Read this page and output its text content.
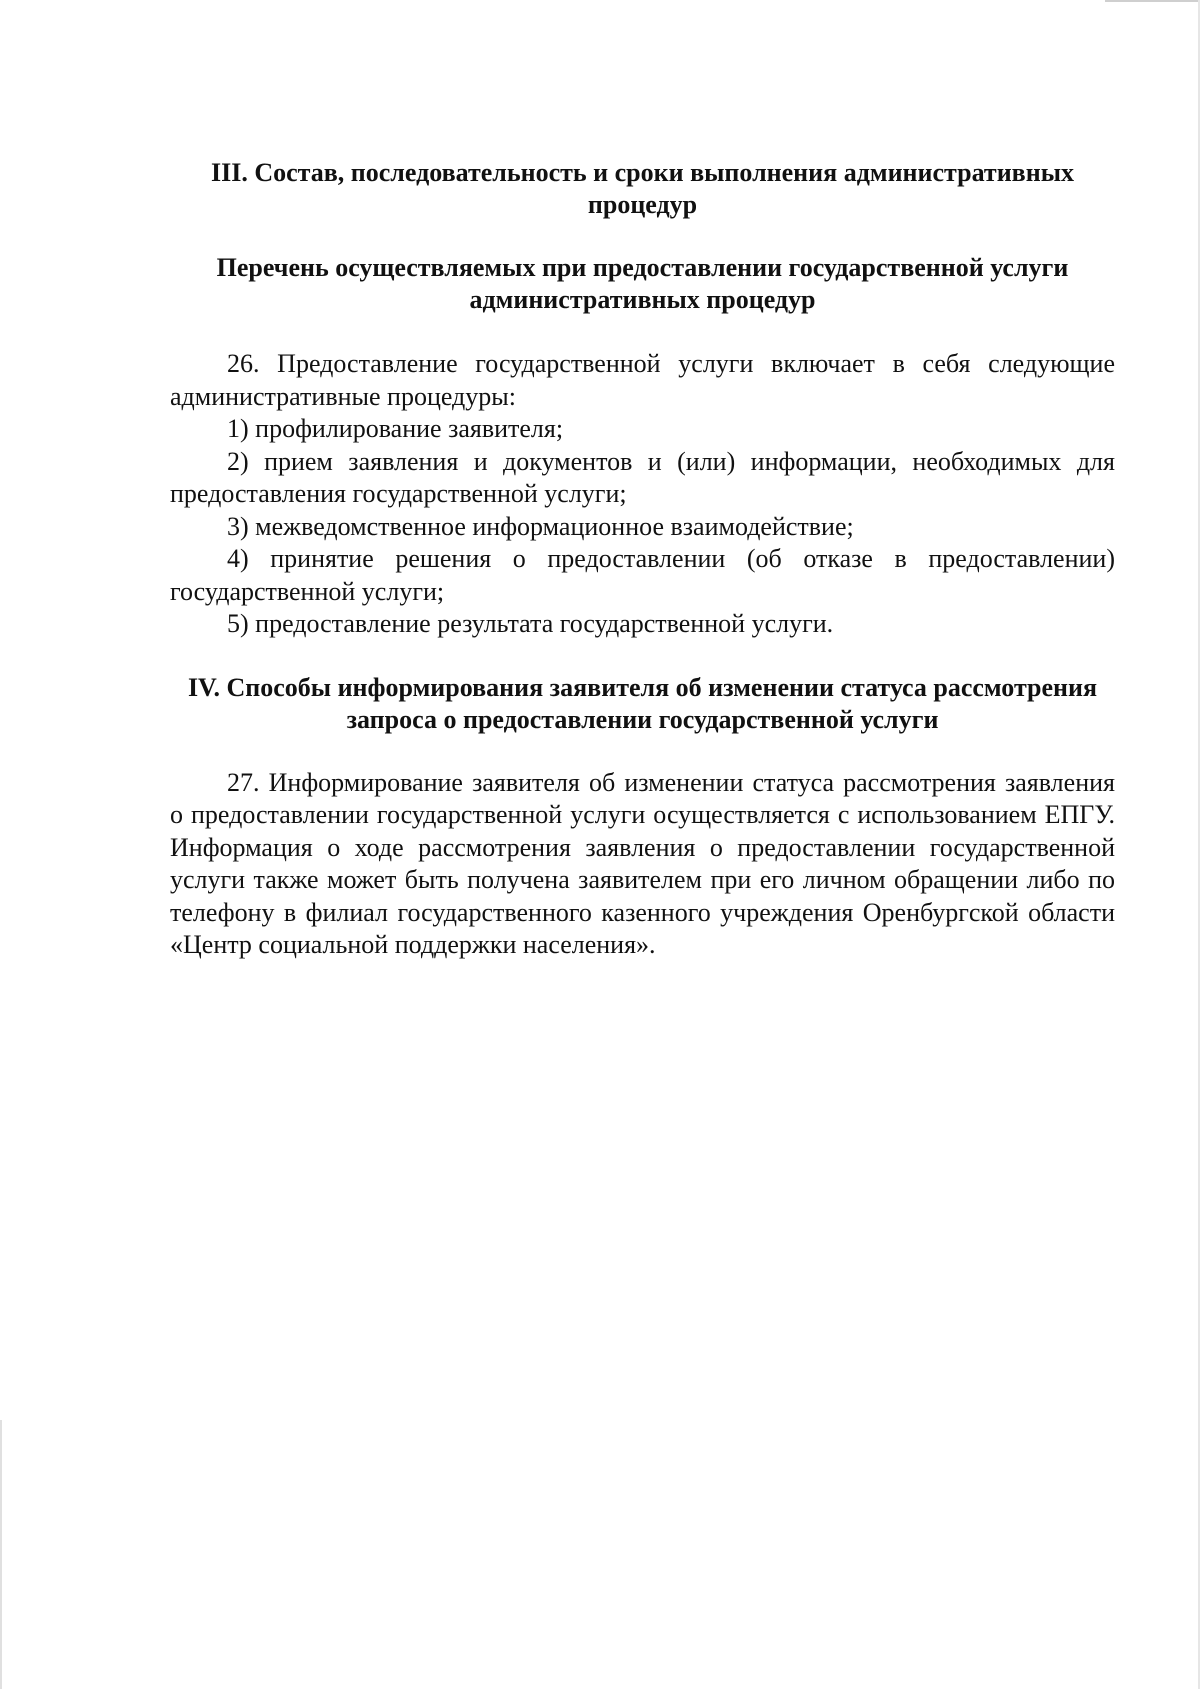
III. Состав, последовательность и сроки выполнения административных процедур

Перечень осуществляемых при предоставлении государственной услуги административных процедур

26. Предоставление государственной услуги включает в себя следующие административные процедуры:

1) профилирование заявителя;

2) прием заявления и документов и (или) информации, необходимых для предоставления государственной услуги;

3) межведомственное информационное взаимодействие;

4) принятие решения о предоставлении (об отказе в предоставлении) государственной услуги;

5) предоставление результата государственной услуги.

IV. Способы информирования заявителя об изменении статуса рассмотрения запроса о предоставлении государственной услуги

27. Информирование заявителя об изменении статуса рассмотрения заявления о предоставлении государственной услуги осуществляется с использованием ЕПГУ. Информация о ходе рассмотрения заявления о предоставлении государственной услуги также может быть получена заявителем при его личном обращении либо по телефону в филиал государственного казенного учреждения Оренбургской области «Центр социальной поддержки населения».
